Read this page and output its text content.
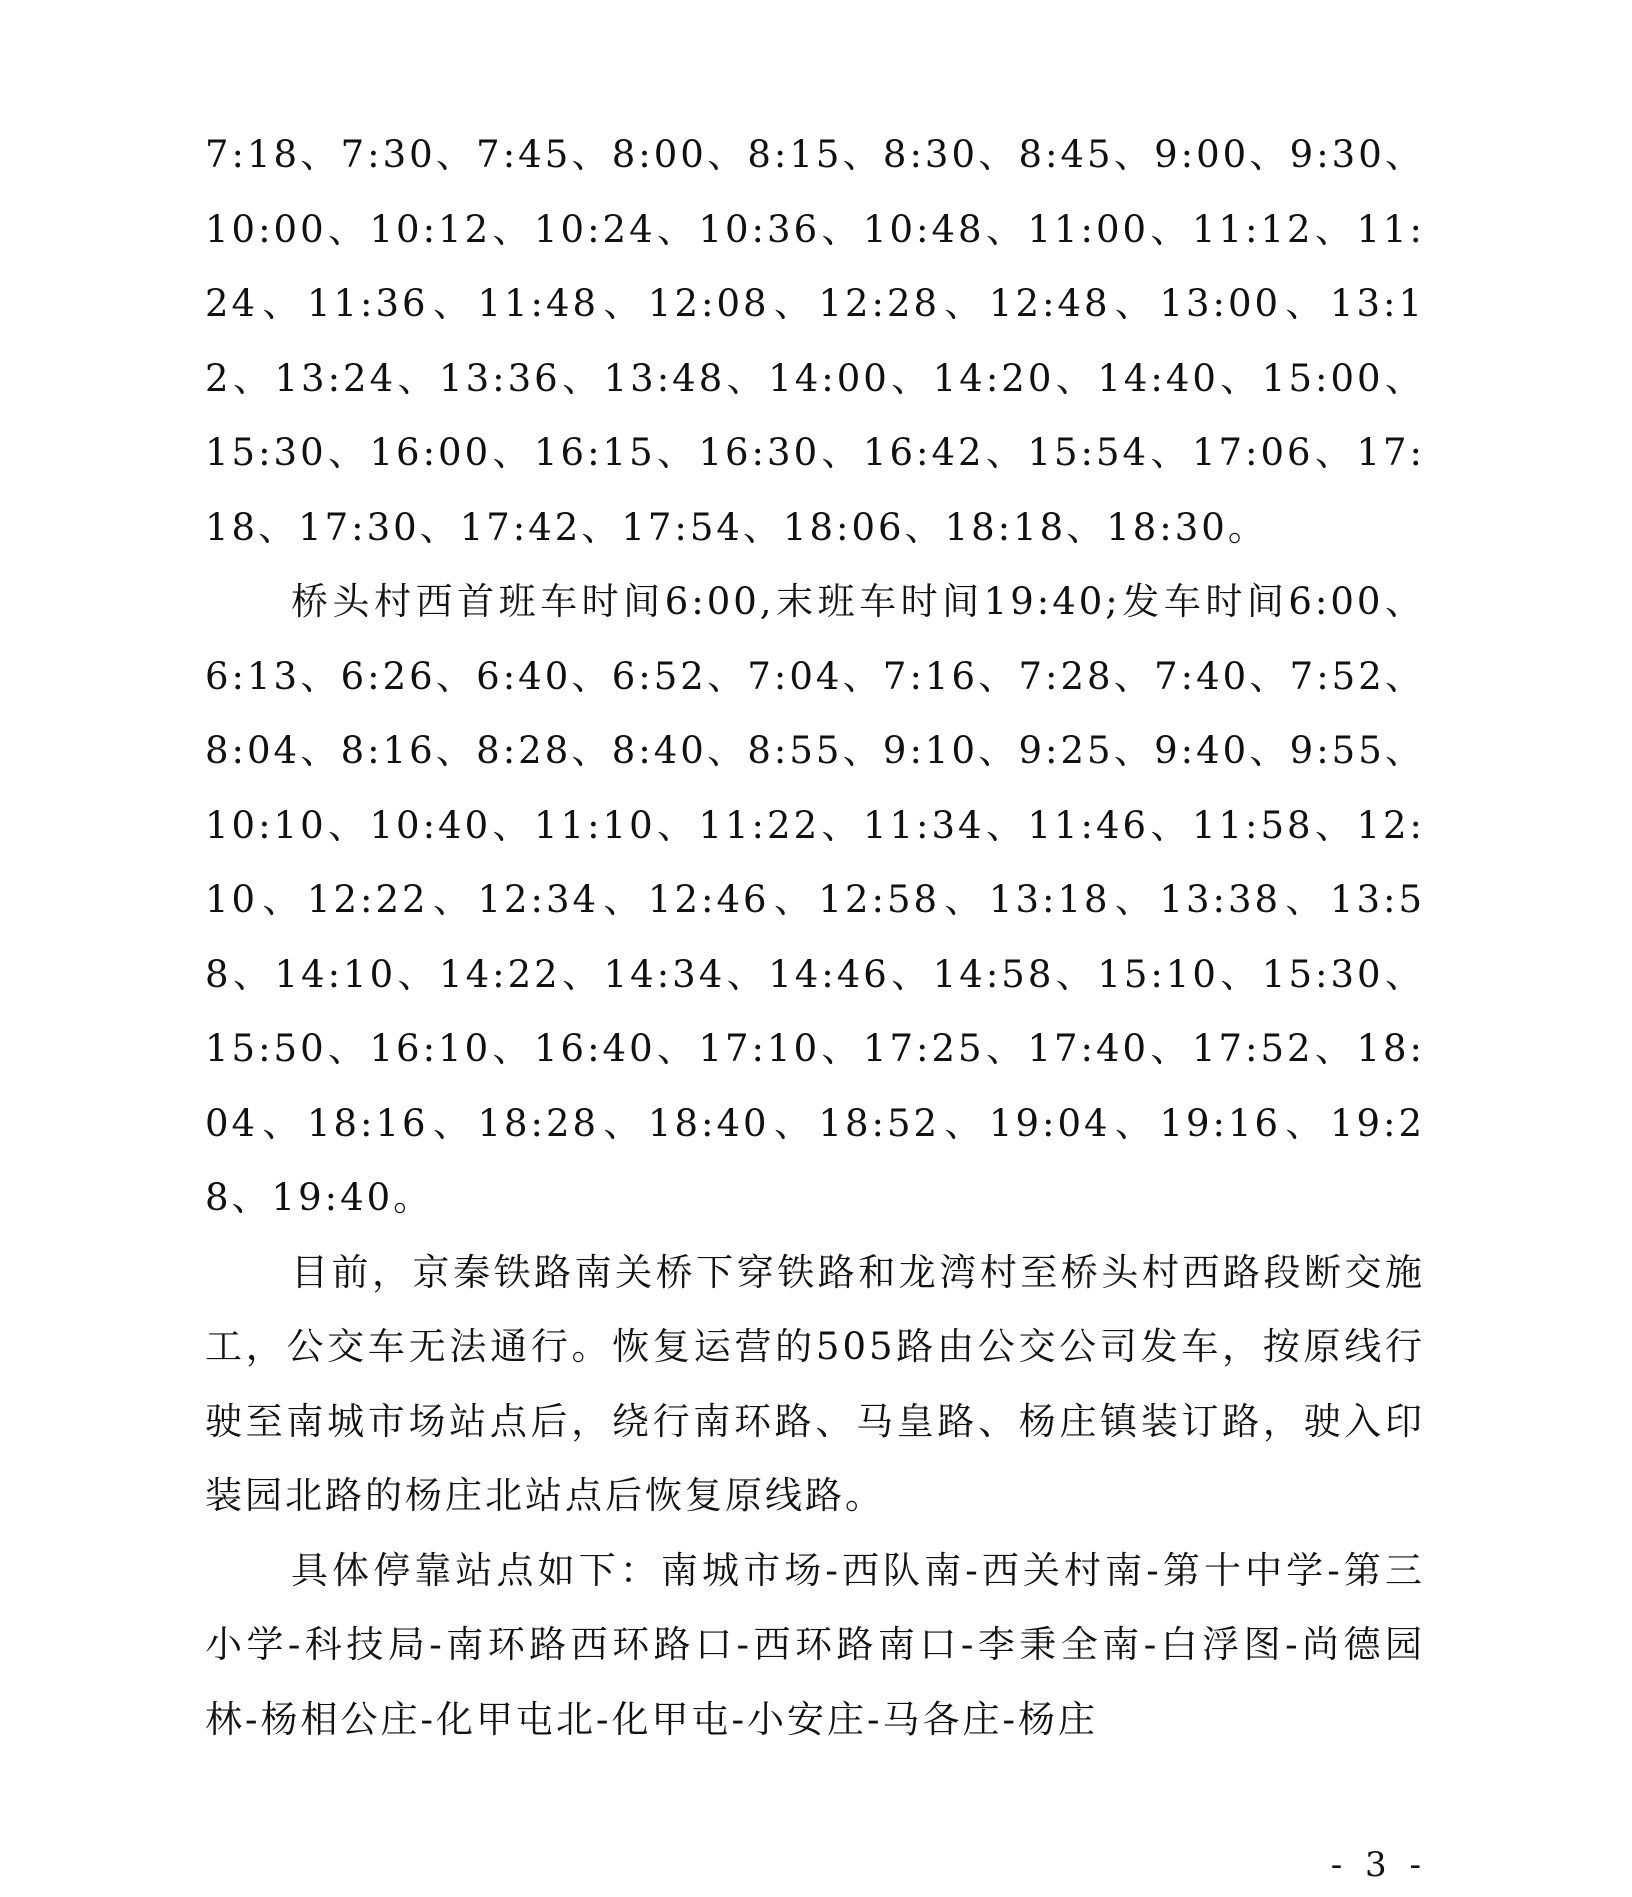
7:18、7:30、7:45、8:00、8:15、8:30、8:45、9:00、9:30、10:00、10:12、10:24、10:36、10:48、11:00、11:12、11:24、11:36、11:48、12:08、12:28、12:48、13:00、13:12、13:24、13:36、13:48、14:00、14:20、14:40、15:00、15:30、16:00、16:15、16:30、16:42、15:54、17:06、17:18、17:30、17:42、17:54、18:06、18:18、18:30。

桥头村西首班车时间6:00,末班车时间19:40;发车时间6:00、6:13、6:26、6:40、6:52、7:04、7:16、7:28、7:40、7:52、8:04、8:16、8:28、8:40、8:55、9:10、9:25、9:40、9:55、10:10、10:40、11:10、11:22、11:34、11:46、11:58、12:10、12:22、12:34、12:46、12:58、13:18、13:38、13:58、14:10、14:22、14:34、14:46、14:58、15:10、15:30、15:50、16:10、16:40、17:10、17:25、17:40、17:52、18:04、18:16、18:28、18:40、18:52、19:04、19:16、19:28、19:40。

目前，京秦铁路南关桥下穿铁路和龙湾村至桥头村西路段断交施工，公交车无法通行。恢复运营的505路由公交公司发车，按原线行驶至南城市场站点后，绕行南环路、马皇路、杨庄镇装订路，驶入印装园北路的杨庄北站点后恢复原线路。

具体停靠站点如下：南城市场-西队南-西关村南-第十中学-第三小学-科技局-南环路西环路口-西环路南口-李秉全南-白浮图-尚德园林-杨相公庄-化甲屯北-化甲屯-小安庄-马各庄-杨庄

- 3 -
